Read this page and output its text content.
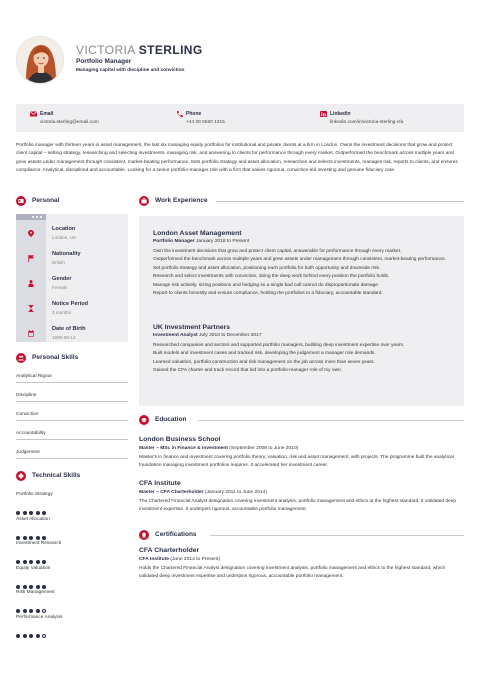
VICTORIA STERLING
Portfolio Manager
Managing capital with discipline and conviction
Email
victoria.sterling@email.com
Phone
+44 20 5550 1315
Linkedin
linkedin.com/in/victoria-sterling-cfa

Portfolio manager with thirteen years in asset management, the last six managing equity portfolios for institutional and private clients at a firm in London. Owns the investment decisions that grow and protect client capital – setting strategy, researching and selecting investments, managing risk, and answering to clients for performance through every market. Outperformed the benchmark across multiple years and grew assets under management through consistent, market-beating performance. Sets portfolio strategy and asset allocation, researches and selects investments, manages risk, reports to clients, and ensures compliance. Analytical, disciplined and accountable. Looking for a senior portfolio-manager role with a firm that values rigorous, conviction-led investing and genuine fiduciary care.

Personal
Location
London, UK
Nationality
British
Gender
Female
Notice Period
3 months
Date of Birth
1986-09-12
Personal Skills
Analytical Rigour
Discipline
Conviction
Accountability
Judgement
Technical Skills
Portfolio Strategy
Asset Allocation
Investment Research
Equity Valuation
Risk Management
Performance Analysis
Work Experience
London Asset Management
Portfolio Manager January 2018 to Present
Own the investment decisions that grow and protect client capital, answerable for performance through every market.
Outperformed the benchmark across multiple years and grew assets under management through consistent, market-beating performance.
Set portfolio strategy and asset allocation, positioning each portfolio for both opportunity and downside risk.
Research and select investments with conviction, doing the deep work behind every position the portfolio holds.
Manage risk actively, sizing positions and hedging so a single bad call cannot do disproportionate damage.
Report to clients honestly and ensure compliance, holding the portfolios to a fiduciary, accountable standard.
UK Investment Partners
Investment Analyst July 2010 to December 2017
Researched companies and sectors and supported portfolio managers, building deep investment expertise over years.
Built models and investment cases and tracked risk, developing the judgement a manager role demands.
Learned valuation, portfolio construction and risk management on the job across more than seven years.
Gained the CFA charter and track record that led into a portfolio-manager role of my own.
Education
London Business School
Master – MSc in Finance & Investment (September 2008 to June 2010)
Master's in finance and investment covering portfolio theory, valuation, risk and asset management, with projects. The programme built the analytical foundation managing investment portfolios requires. It accelerated her investment career.
CFA Institute
Master – CFA Charterholder (January 2011 to June 2014)
The Chartered Financial Analyst designation covering investment analysis, portfolio management and ethics at the highest standard. It validated deep investment expertise. It underpins rigorous, accountable portfolio management.
Certifications
CFA Charterholder
CFA Institute (June 2014 to Present)
Holds the Chartered Financial Analyst designation covering investment analysis, portfolio management and ethics to the highest standard, which validated deep investment expertise and underpins rigorous, accountable portfolio management.
